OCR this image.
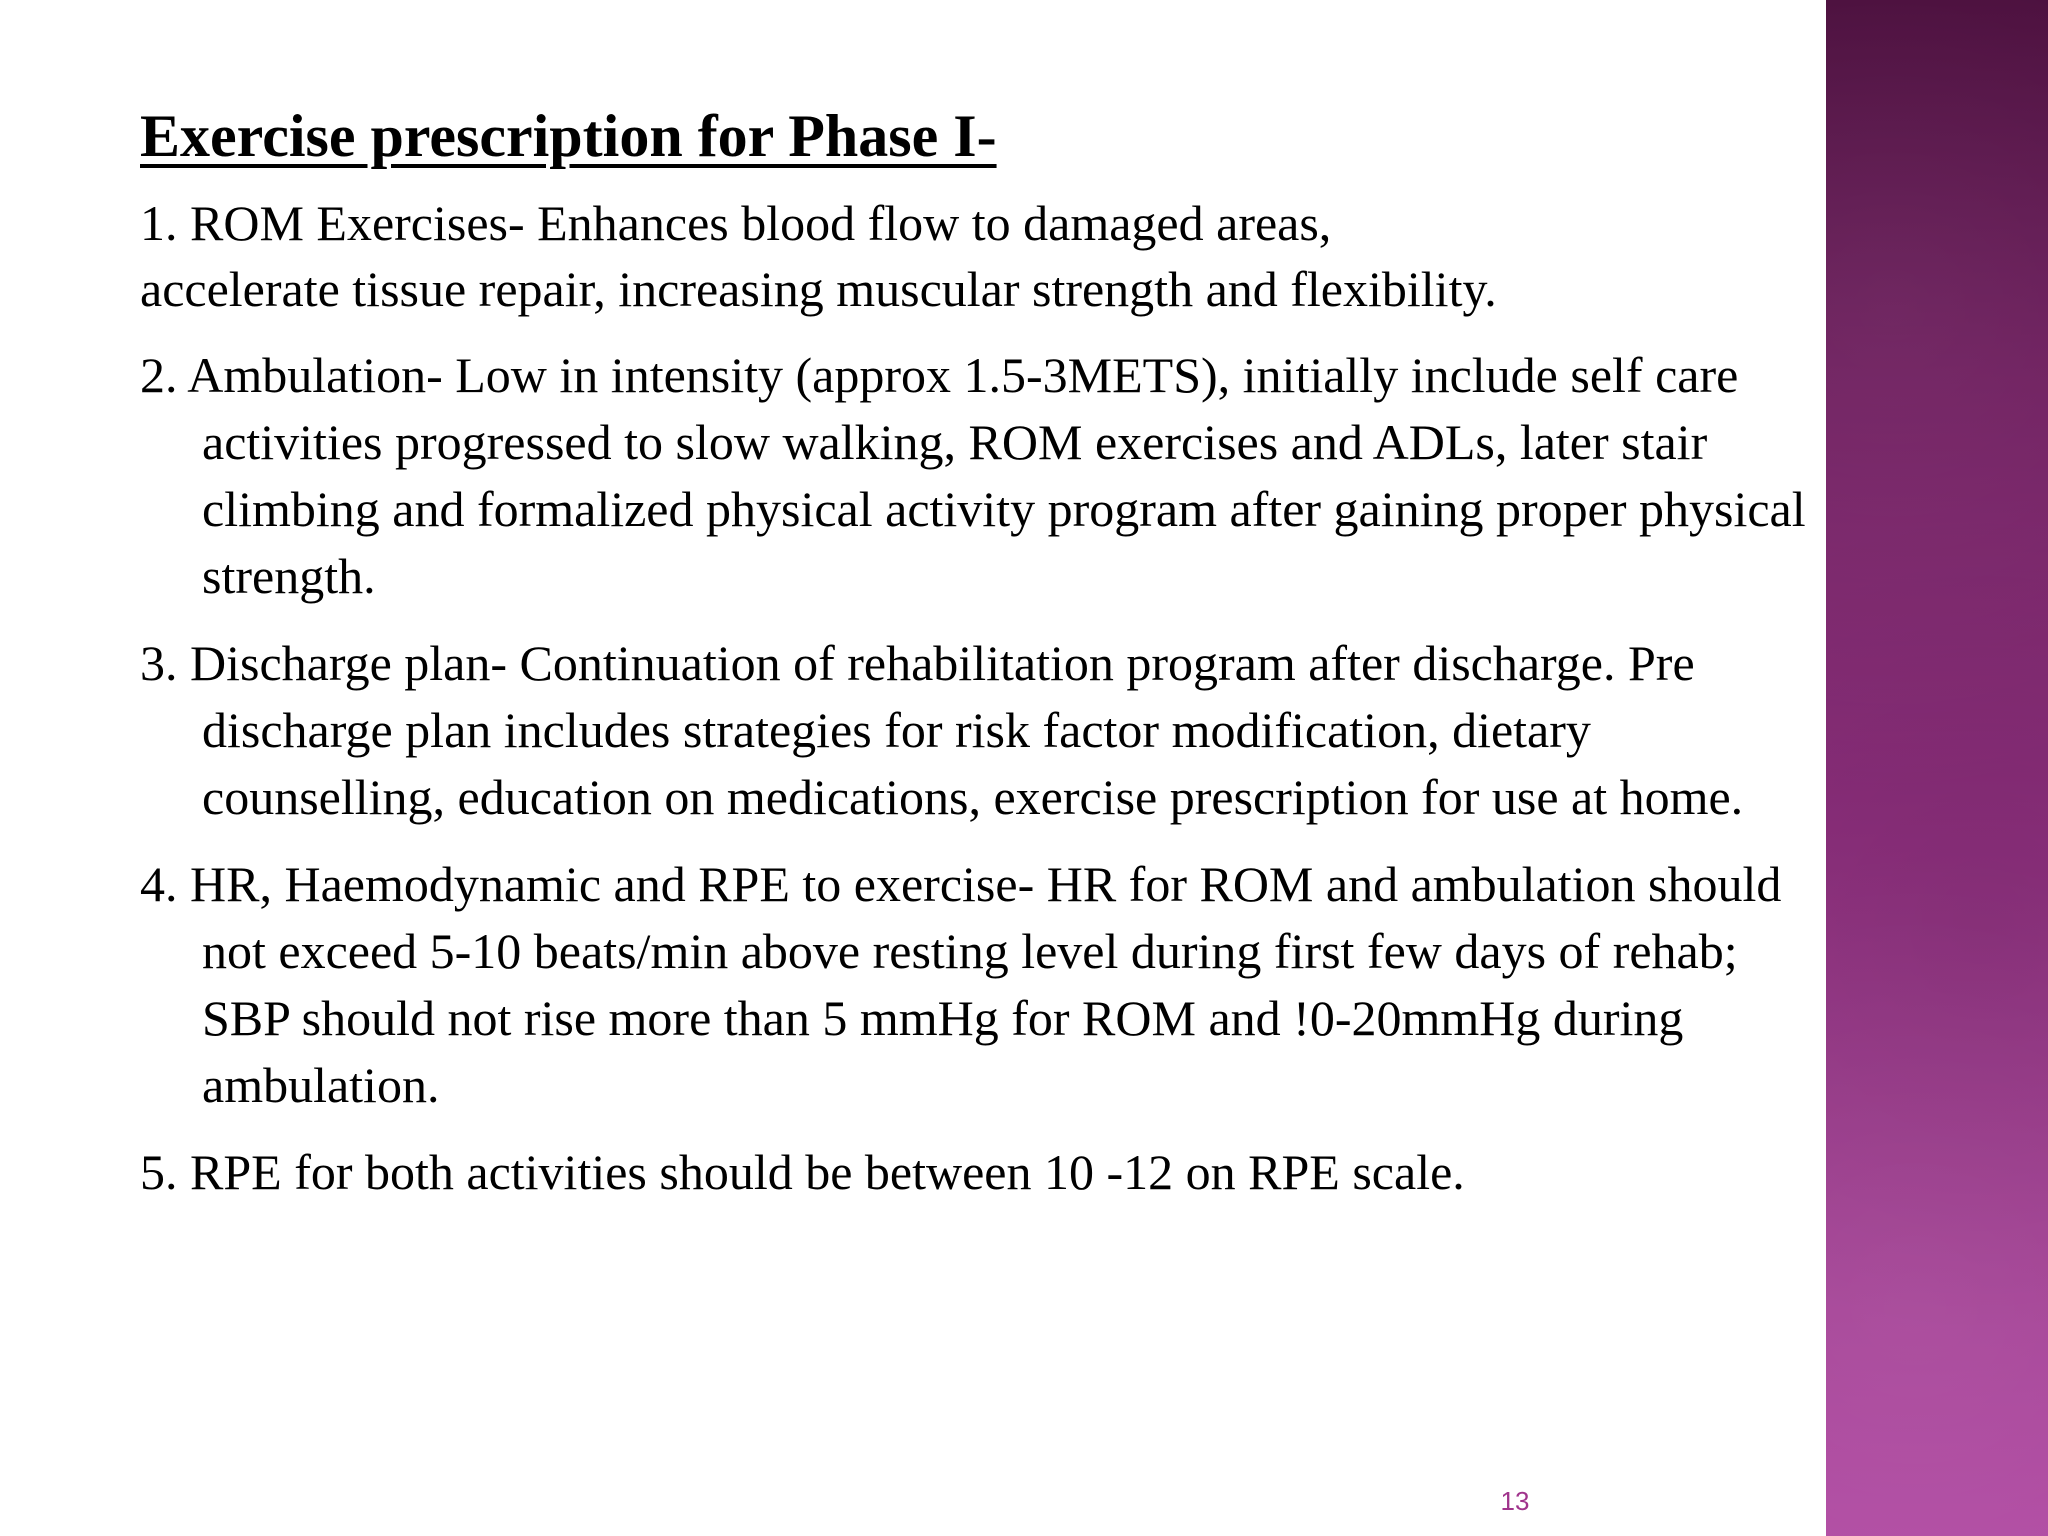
Exercise prescription for Phase I-

1. ROM Exercises- Enhances blood flow to damaged areas,

accelerate tissue repair, increasing muscular strength and flexibility.

2. Ambulation- Low in intensity (approx 1.5-3METS), initially include self care activities progressed to slow walking, ROM exercises and ADLs, later stair climbing and formalized physical activity program after gaining proper physical strength.

3. Discharge plan- Continuation of rehabilitation program after discharge. Pre discharge plan includes strategies for risk factor modification, dietary counselling, education on medications, exercise prescription for use at home.

4. HR, Haemodynamic and RPE to exercise- HR for ROM and ambulation should not exceed 5-10 beats/min above resting level during first few days of rehab; SBP should not rise more than 5 mmHg for ROM and !0-20mmHg during ambulation.

5. RPE for both activities should be between 10 -12 on RPE scale.

13
